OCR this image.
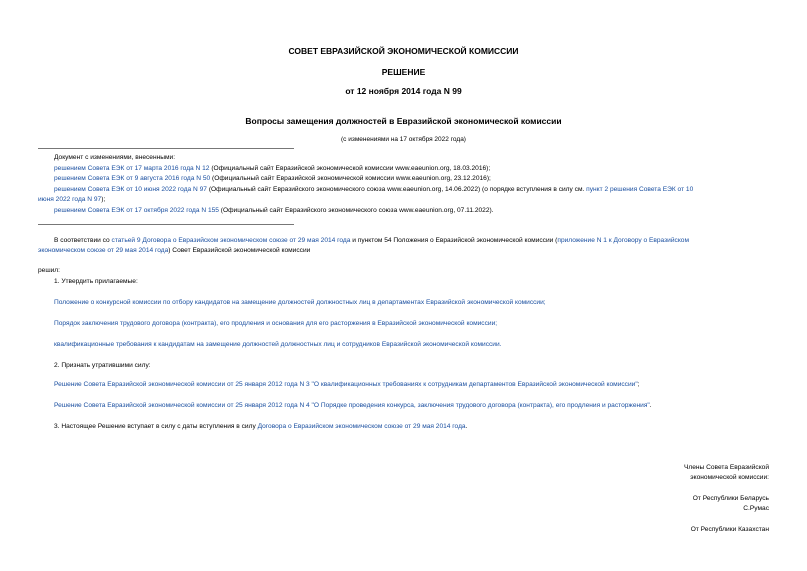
СОВЕТ ЕВРАЗИЙСКОЙ ЭКОНОМИЧЕСКОЙ КОМИССИИ
РЕШЕНИЕ
от 12 ноября 2014 года N 99
Вопросы замещения должностей в Евразийской экономической комиссии
(с изменениями на 17 октября 2022 года)
Документ с изменениями, внесенными:
решением Совета ЕЭК от 17 марта 2016 года N 12 (Официальный сайт Евразийской экономической комиссии www.eaeunion.org, 18.03.2016);
решением Совета ЕЭК от 9 августа 2016 года N 50 (Официальный сайт Евразийской экономической комиссии www.eaeunion.org, 23.12.2016);
решением Совета ЕЭК от 10 июня 2022 года N 97 (Официальный сайт Евразийского экономического союза www.eaeunion.org, 14.06.2022) (о порядке вступления в силу см. пункт 2 решения Совета ЕЭК от 10
июня 2022 года N 97);
решением Совета ЕЭК от 17 октября 2022 года N 155 (Официальный сайт Евразийского экономического союза www.eaeunion.org, 07.11.2022).
В соответствии со статьей 9 Договора о Евразийском экономическом союзе от 29 мая 2014 года и пунктом 54 Положения о Евразийской экономической комиссии (приложение N 1 к Договору о Евразийском
экономическом союзе от 29 мая 2014 года) Совет Евразийской экономической комиссии
решил:
1. Утвердить прилагаемые:
Положение о конкурсной комиссии по отбору кандидатов на замещение должностей должностных лиц в департаментах Евразийской экономической комиссии;
Порядок заключения трудового договора (контракта), его продления и основания для его расторжения в Евразийской экономической комиссии;
квалификационные требования к кандидатам на замещение должностей должностных лиц и сотрудников Евразийской экономической комиссии.
2. Признать утратившими силу:
Решение Совета Евразийской экономической комиссии от 25 января 2012 года N 3 "О квалификационных требованиях к сотрудникам департаментов Евразийской экономической комиссии";
Решение Совета Евразийской экономической комиссии от 25 января 2012 года N 4 "О Порядке проведения конкурса, заключения трудового договора (контракта), его продления и расторжения".
3. Настоящее Решение вступает в силу с даты вступления в силу Договора о Евразийском экономическом союзе от 29 мая 2014 года.
Члены Совета Евразийской
экономической комиссии:
От Республики Беларусь
С.Румас
От Республики Казахстан
